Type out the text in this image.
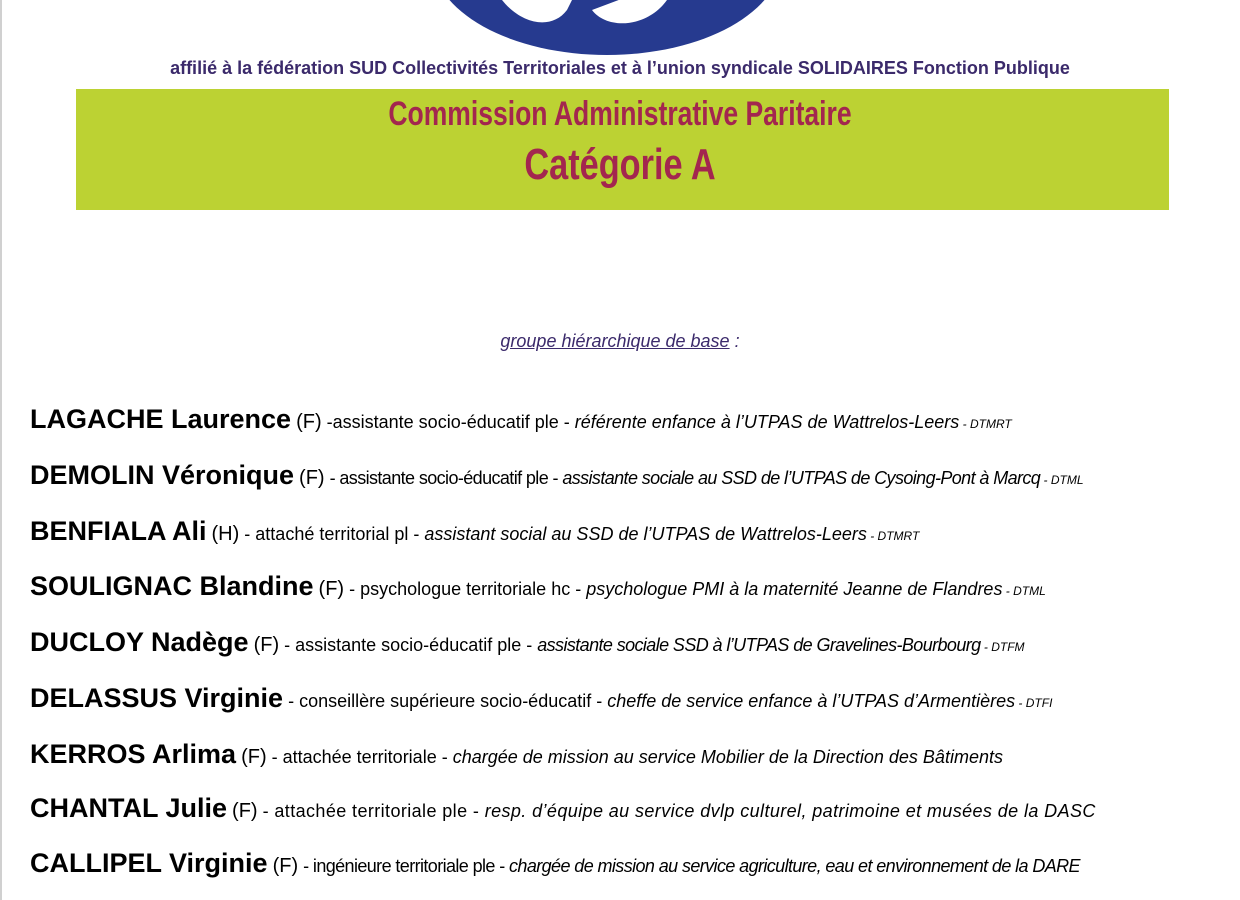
affilié à la fédération SUD Collectivités Territoriales et à l’union syndicale SOLIDAIRES Fonction Publique
Commission Administrative Paritaire
Catégorie A
groupe hiérarchique de base :
LAGACHE Laurence (F) -assistante socio-éducatif ple - référente enfance à l’UTPAS de Wattrelos-Leers - DTMRT
DEMOLIN Véronique (F) - assistante socio-éducatif ple - assistante sociale au SSD de l’UTPAS de Cysoing-Pont à Marcq - DTML
BENFIALA Ali (H) - attaché territorial pl - assistant social au SSD de l’UTPAS de Wattrelos-Leers - DTMRT
SOULIGNAC Blandine (F) - psychologue territoriale hc - psychologue PMI à la maternité Jeanne de Flandres - DTML
DUCLOY Nadège (F) - assistante socio-éducatif ple - assistante sociale SSD à l’UTPAS de Gravelines-Bourbourg - DTFM
DELASSUS Virginie - conseillère supérieure socio-éducatif - cheffe de service enfance à l’UTPAS d’Armentières - DTFI
KERROS Arlima (F) - attachée territoriale - chargée de mission au service Mobilier de la Direction des Bâtiments
CHANTAL Julie (F) - attachée territoriale ple - resp. d’équipe au service dvlp culturel, patrimoine et musées de la DASC
CALLIPEL Virginie (F) - ingénieure territoriale ple - chargée de mission au service agriculture, eau et environnement de la DARE
